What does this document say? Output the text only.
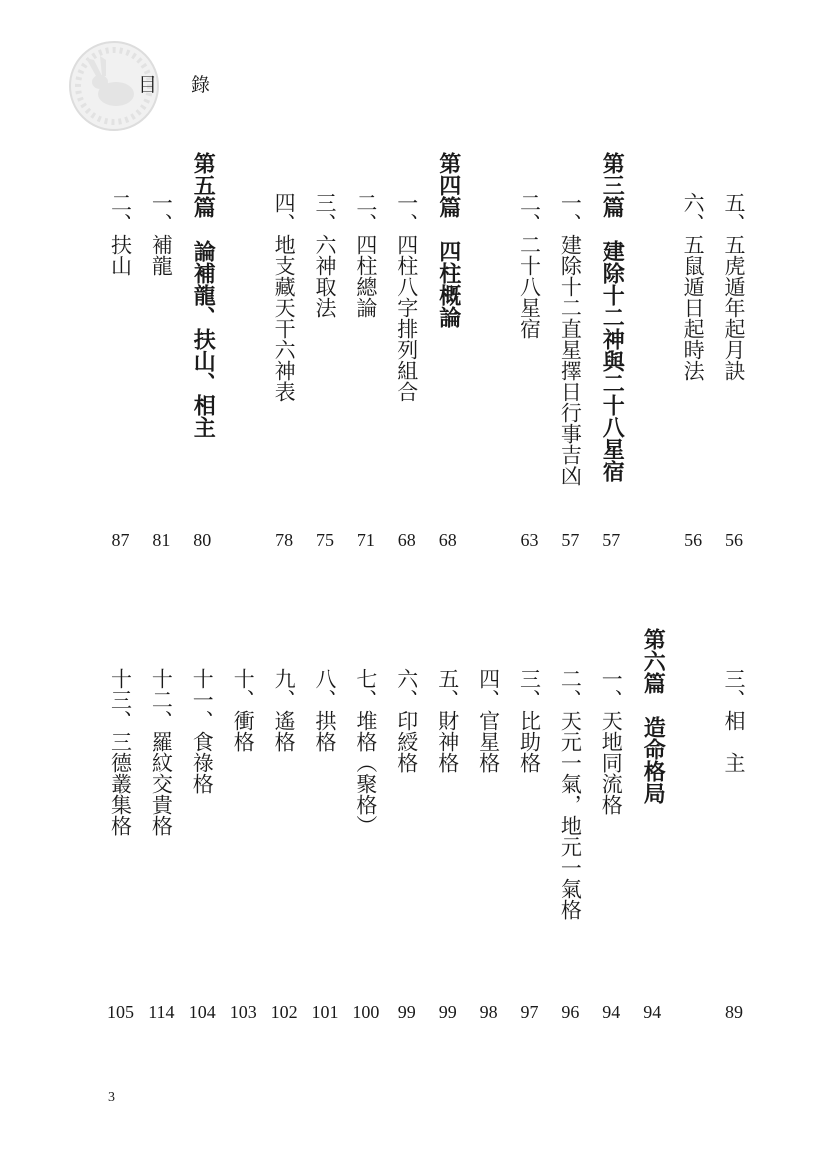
目 錄
五、五虎遁年起月訣
56
六、五鼠遁日起時法
56
第三篇　建除十二神與二十八星宿
57
一、建除十二直星擇日行事吉凶
57
二、二十八星宿
63
第四篇　四柱概論
68
一、四柱八字排列組合
68
二、四柱總論
71
三、六神取法
75
四、地支藏天干六神表
78
第五篇　論補龍、扶山、相主
80
一、補龍
81
二、扶山
87
三、相　主
89
第六篇　造命格局
94
一、天地同流格
94
二、天元一氣，地元一氣格
96
三、比助格
97
四、官星格
98
五、財神格
99
六、印綬格
99
七、堆格（聚格）
100
八、拱格
101
九、遙格
102
十、衝格
103
十一、食祿格
104
十二、羅紋交貴格
114
十三、三德叢集格
105
3
